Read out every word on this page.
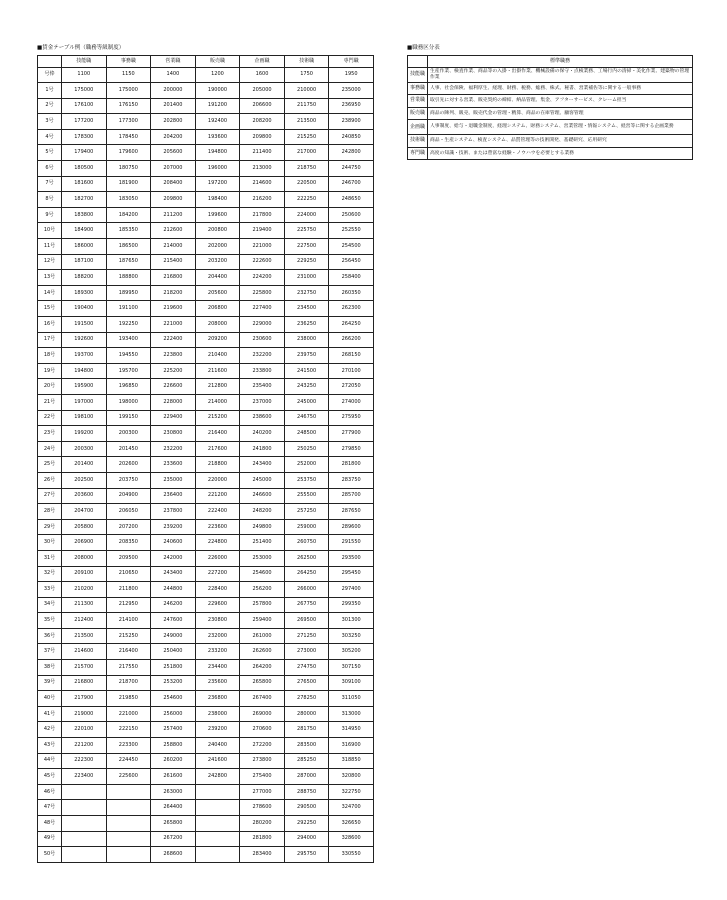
■賃金テーブル例（職務等級制度）
	技能職	事務職	営業職	販売職	企画職	技術職	専門職
号俸	1100	1150	1400	1200	1600	1750	1950
1号	175000	175000	200000	190000	205000	210000	235000
2号	176100	176150	201400	191200	206600	211750	236950
3号	177200	177300	202800	192400	208200	213500	238900
4号	178300	178450	204200	193600	209800	215250	240850
5号	179400	179600	205600	194800	211400	217000	242800
6号	180500	180750	207000	196000	213000	218750	244750
7号	181600	181900	208400	197200	214600	220500	246700
8号	182700	183050	209800	198400	216200	222250	248650
9号	183800	184200	211200	199600	217800	224000	250600
10号	184900	185350	212600	200800	219400	225750	252550
11号	186000	186500	214000	202000	221000	227500	254500
12号	187100	187650	215400	203200	222600	229250	256450
13号	188200	188800	216800	204400	224200	231000	258400
14号	189300	189950	218200	205600	225800	232750	260350
15号	190400	191100	219600	206800	227400	234500	262300
16号	191500	192250	221000	208000	229000	236250	264250
17号	192600	193400	222400	209200	230600	238000	266200
18号	193700	194550	223800	210400	232200	239750	268150
19号	194800	195700	225200	211600	233800	241500	270100
20号	195900	196850	226600	212800	235400	243250	272050
21号	197000	198000	228000	214000	237000	245000	274000
22号	198100	199150	229400	215200	238600	246750	275950
23号	199200	200300	230800	216400	240200	248500	277900
24号	200300	201450	232200	217600	241800	250250	279850
25号	201400	202600	233600	218800	243400	252000	281800
26号	202500	203750	235000	220000	245000	253750	283750
27号	203600	204900	236400	221200	246600	255500	285700
28号	204700	206050	237800	222400	248200	257250	287650
29号	205800	207200	239200	223600	249800	259000	289600
30号	206900	208350	240600	224800	251400	260750	291550
31号	208000	209500	242000	226000	253000	262500	293500
32号	209100	210650	243400	227200	254600	264250	295450
33号	210200	211800	244800	228400	256200	266000	297400
34号	211300	212950	246200	229600	257800	267750	299350
35号	212400	214100	247600	230800	259400	269500	301300
36号	213500	215250	249000	232000	261000	271250	303250
37号	214600	216400	250400	233200	262600	273000	305200
38号	215700	217550	251800	234400	264200	274750	307150
39号	216800	218700	253200	235600	265800	276500	309100
40号	217900	219850	254600	236800	267400	278250	311050
41号	219000	221000	256000	238000	269000	280000	313000
42号	220100	222150	257400	239200	270600	281750	314950
43号	221200	223300	258800	240400	272200	283500	316900
44号	222300	224450	260200	241600	273800	285250	318850
45号	223400	225600	261600	242800	275400	287000	320800
46号			263000		277000	288750	322750
47号			264400		278600	290500	324700
48号			265800		280200	292250	326650
49号			267200		281800	294000	328600
50号			268600		283400	295750	330550
■職務区分表
	標準職務
技能職	生産作業、検査作業、商品等の入掛・出掛作業、機械設備の保守・点検業務、工場行内の清掃・美化作業、建築物の管理作業
事務職	人事、社会保険、福利厚生、経理、財務、税務、総務、株式、秘書、営業補佐等に関する一般事務
営業職	取引先に対する営業、販売契約の締結、納品管理、集金、アフターサービス、クレーム担当
販売職	商品の陳列、販売、販売代金の管理・精算、商品の在庫管理、顧客管理
企画職	人事制度、給与・退職金制度、経理システム、財務システム、営業管理・情報システム、経営等に関する企画業務
技術職	商品・生産システム、検査システム、品質管理等の技術開発、基礎研究、応用研究
専門職	高度の知識・技術、または豊富な経験・ノウハウを必要とする業務
